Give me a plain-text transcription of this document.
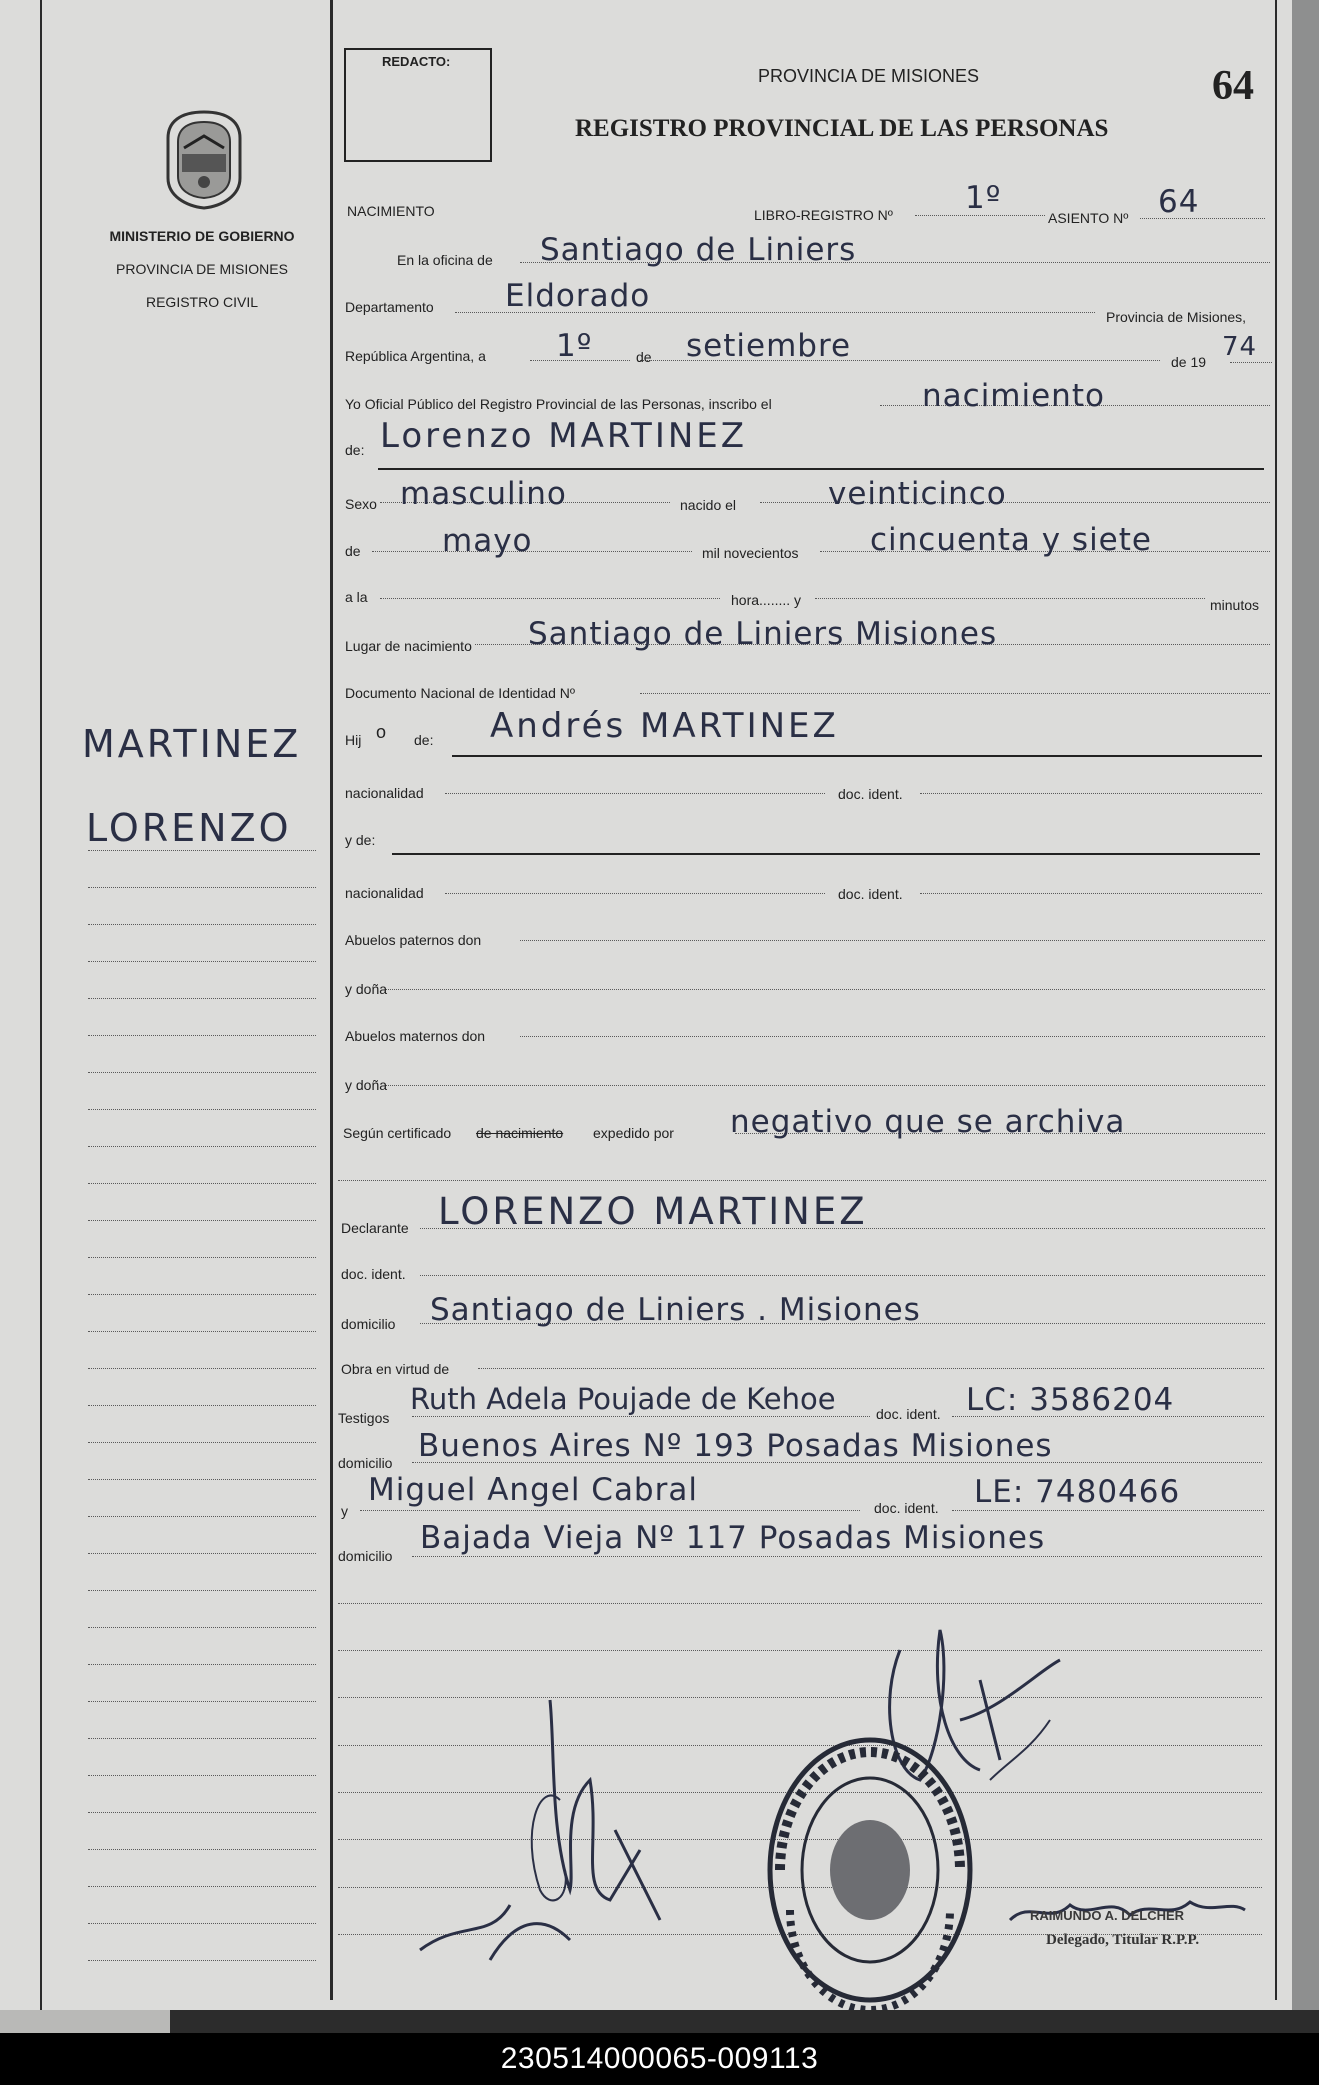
MINISTERIO DE GOBIERNO
PROVINCIA DE MISIONES
REGISTRO CIVIL
MARTINEZ
LORENZO
REDACTO:
PROVINCIA DE MISIONES
REGISTRO PROVINCIAL DE LAS PERSONAS
64
NACIMIENTO	LIBRO-REGISTRO Nº 1º
ASIENTO Nº 64
En la oficina de Santiago de Liniers
Departamento Eldorado
Provincia de Misiones,
República Argentina, a 1º	de setiembre	de 19 74
Yo Oficial Público del Registro Provincial de las Personas, inscribo el	nacimiento
de: Lorenzo MARTINEZ
Sexo masculino	nacido el	veinticinco
de	mayo	mil novecientos cincuenta y siete
a la	hora........ y	minutos
Lugar de nacimiento Santiago de Liniers Misiones
Documento Nacional de Identidad Nº
Hij o de: Andrés MARTINEZ
nacionalidad	doc. ident.
y de:
nacionalidad	doc. ident.
Abuelos paternos don
y doña
Abuelos maternos don
y doña
Según certificado de nacimiento expedido por negativo que se archiva
Declarante LORENZO MARTINEZ
doc. ident.
domicilio Santiago de Liniers . Misiones
Obra en virtud de
Testigos
Ruth Adela Poujade de Kehoe	doc. ident. LC: 3586204
domicilio Buenos Aires Nº 193 Posadas Misiones
y
Miguel Angel Cabral	doc. ident. LE: 7480466
domicilio Bajada Vieja Nº 117 Posadas Misiones
RAIMUNDO A. DELCHER
Delegado, Titular R.P.P.
230514000065-009113
